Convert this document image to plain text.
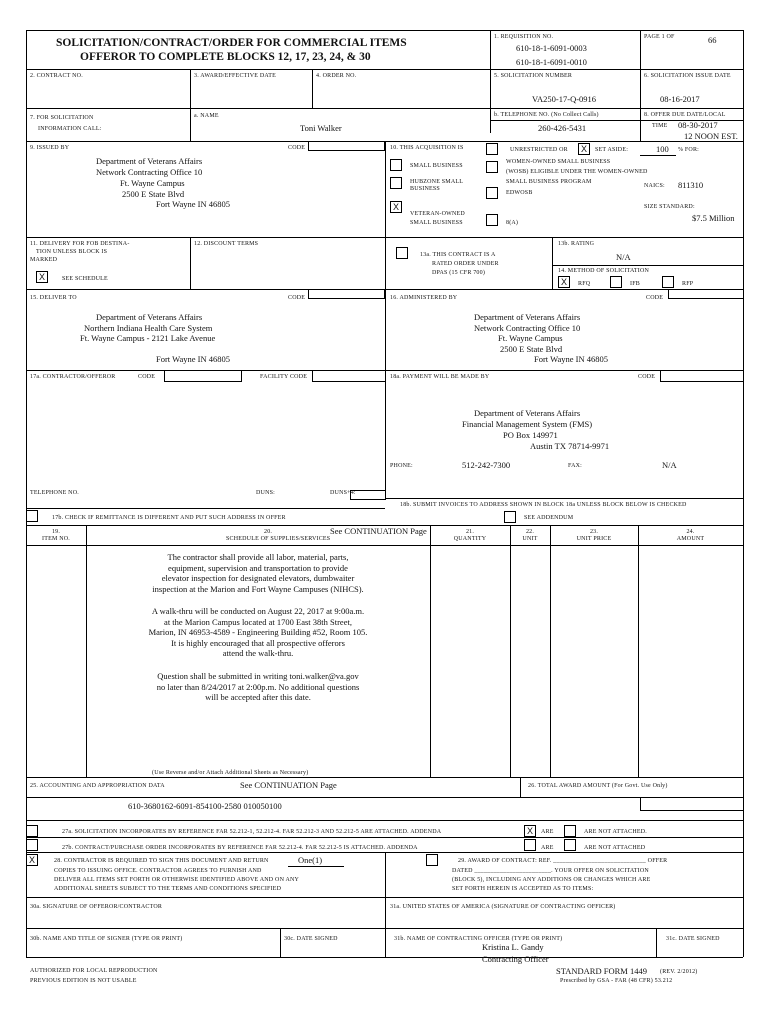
SOLICITATION/CONTRACT/ORDER FOR COMMERCIAL ITEMS
OFFEROR TO COMPLETE BLOCKS 12, 17, 23, 24, & 30
1. REQUISITION NO.
610-18-1-6091-0003
610-18-1-6091-0010
PAGE 1 OF	66
2. CONTRACT NO.	3. AWARD/EFFECTIVE DATE	4. ORDER NO.	5. SOLICITATION NUMBER
VA250-17-Q-0916
6. SOLICITATION ISSUE DATE
08-16-2017
7. FOR SOLICITATION
INFORMATION CALL:
a. NAME
Toni Walker
b. TELEPHONE NO. (No Collect Calls)
260-426-5431
8. OFFER DUE DATE/LOCAL
TIME 08-30-2017
12 NOON EST.
9. ISSUED BY	CODE
Department of Veterans Affairs
Network Contracting Office 10
Ft. Wayne Campus
2500 E State Blvd
Fort Wayne IN 46805
10. THIS ACQUISITION IS	UNRESTRICTED OR	X	SET ASIDE:	100 % FOR:
SMALL BUSINESS
HUBZONE SMALL
BUSINESS
X
VETERAN-OWNED
SMALL BUSINESS
WOMEN-OWNED SMALL BUSINESS
(WOSB) ELIGIBLE UNDER THE WOMEN-OWNED
SMALL BUSINESS PROGRAM
EDWOSB
8(A)
NAICS: 811310
SIZE STANDARD:
$7.5 Million
11. DELIVERY FOR FOB DESTINA-
TION UNLESS BLOCK IS
MARKED
X	SEE SCHEDULE
12. DISCOUNT TERMS
13a. THIS CONTRACT IS A
RATED ORDER UNDER
DPAS (15 CFR 700)
13b. RATING
N/A
14. METHOD OF SOLICITATION
X	RFQ	IFB	RFP
15. DELIVER TO	CODE
Department of Veterans Affairs
Northern Indiana Health Care System
Ft. Wayne Campus - 2121 Lake Avenue
Fort Wayne IN 46805
16. ADMINISTERED BY	CODE
Department of Veterans Affairs
Network Contracting Office 10
Ft. Wayne Campus
2500 E State Blvd
Fort Wayne IN 46805
17a. CONTRACTOR/OFFEROR	CODE	FACILITY CODE
TELEPHONE NO.	DUNS:	DUNS+4:
17b. CHECK IF REMITTANCE IS DIFFERENT AND PUT SUCH ADDRESS IN OFFER
18a. PAYMENT WILL BE MADE BY	CODE
Department of Veterans Affairs
Financial Management System (FMS)
PO Box 149971
Austin TX 78714-9971
PHONE:	512-242-7300	FAX:	N/A
18b. SUBMIT INVOICES TO ADDRESS SHOWN IN BLOCK 18a UNLESS BLOCK BELOW IS CHECKED
SEE ADDENDUM
19.
ITEM NO.
20.
SCHEDULE OF SUPPLIES/SERVICES
See CONTINUATION Page	21.
QUANTITY
22.
UNIT
23.
UNIT PRICE
24.
AMOUNT
The contractor shall provide all labor, material, parts,
equipment, supervision and transportation to provide
elevator inspection for designated elevators, dumbwaiter
inspection at the Marion and Fort Wayne Campuses (NIHCS).
A walk-thru will be conducted on August 22, 2017 at 9:00a.m.
at the Marion Campus located at 1700 East 38th Street,
Marion, IN 46953-4589 - Engineering Building #52, Room 105.
It is highly encouraged that all prospective offerors
attend the walk-thru.
Question shall be submitted in writing toni.walker@va.gov
no later than 8/24/2017 at 2:00p.m. No additional questions
will be accepted after this date.
(Use Reverse and/or Attach Additional Sheets as Necessary)
25. ACCOUNTING AND APPROPRIATION DATA	See CONTINUATION Page
610-3680162-6091-854100-2580 010050100
26. TOTAL AWARD AMOUNT (For Govt. Use Only)
27a. SOLICITATION INCORPORATES BY REFERENCE FAR 52.212-1, 52.212-4. FAR 52.212-3 AND 52.212-5 ARE ATTACHED. ADDENDA	X	ARE	ARE NOT ATTACHED.
27b. CONTRACT/PURCHASE ORDER INCORPORATES BY REFERENCE FAR 52.212-4. FAR 52.212-5 IS ATTACHED. ADDENDA	ARE	ARE NOT ATTACHED
X	28. CONTRACTOR IS REQUIRED TO SIGN THIS DOCUMENT AND RETURN	One(1)
COPIES TO ISSUING OFFICE. CONTRACTOR AGREES TO FURNISH AND
DELIVER ALL ITEMS SET FORTH OR OTHERWISE IDENTIFIED ABOVE AND ON ANY
ADDITIONAL SHEETS SUBJECT TO THE TERMS AND CONDITIONS SPECIFIED
29. AWARD OF CONTRACT: REF. _____________________________ OFFER
DATED ________________________. YOUR OFFER ON SOLICITATION
(BLOCK 5), INCLUDING ANY ADDITIONS OR CHANGES WHICH ARE
SET FORTH HEREIN IS ACCEPTED AS TO ITEMS:
30a. SIGNATURE OF OFFEROR/CONTRACTOR	31a. UNITED STATES OF AMERICA (SIGNATURE OF CONTRACTING OFFICER)
30b. NAME AND TITLE OF SIGNER (TYPE OR PRINT)	30c. DATE SIGNED	31b. NAME OF CONTRACTING OFFICER (TYPE OR PRINT)	31c. DATE SIGNED
Kristina L. Gandy
Contracting Officer
AUTHORIZED FOR LOCAL REPRODUCTION
PREVIOUS EDITION IS NOT USABLE
STANDARD FORM 1449 (REV. 2/2012)
Prescribed by GSA - FAR (48 CFR) 53.212
